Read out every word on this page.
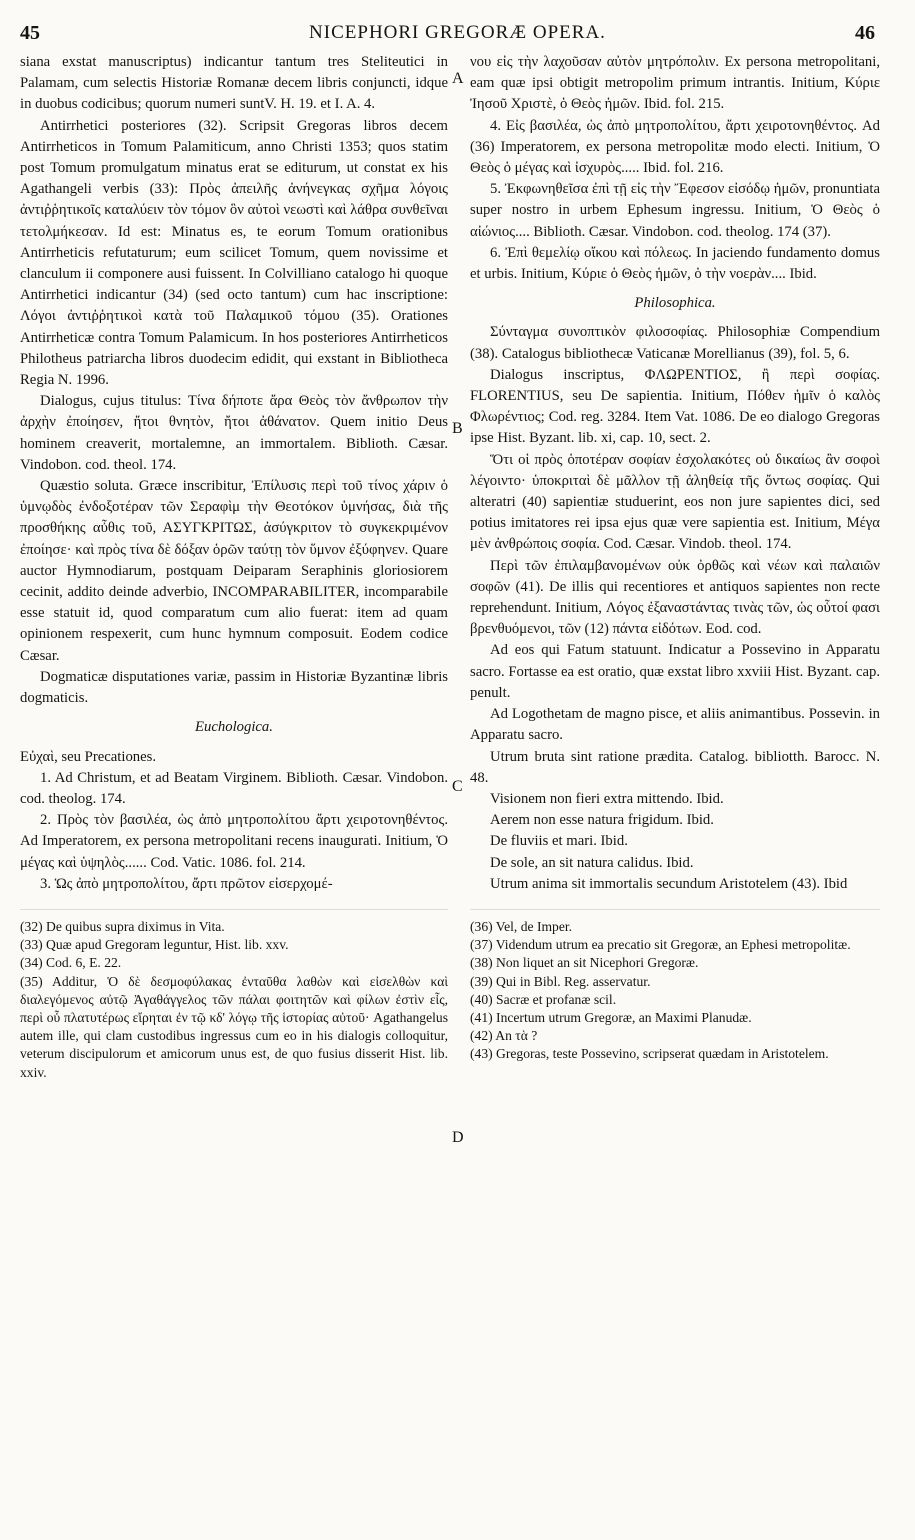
45	NICEPHORI GREGORÆ OPERA.	46
A
B
C
D

siana exstat manuscriptus) indicantur tantum tres Steliteutici in Palamam, cum selectis Historiæ Romanæ decem libris conjuncti, idque in duobus codicibus; quorum numeri suntV. H. 19. et I. A. 4.

Antirrhetici posteriores (32). Scripsit Gregoras libros decem Antirrheticos in Tomum Palamiticum, anno Christi 1353; quos statim post Tomum promulgatum minatus erat se editurum, ut constat ex his Agathangeli verbis (33): Πρὸς ἀπειλῆς ἀνήνεγκας σχῆμα λόγοις ἀντιῤῥητικοῖς καταλύειν τὸν τόμον ὃν αὐτοὶ νεωστὶ καὶ λάθρα συνθεῖναι τετολμήκεσαν. Id est: Minatus es, te eorum Tomum orationibus Antirrheticis refutaturum; eum scilicet Tomum, quem novissime et clanculum ii componere ausi fuissent. In Colvilliano catalogo hi quoque Antirrhetici indicantur (34) (sed octo tantum) cum hac inscriptione: Λόγοι ἀντιῤῥητικοὶ κατὰ τοῦ Παλαμικοῦ τόμου (35). Orationes Antirrheticæ contra Tomum Palamicum. In hos posteriores Antirrheticos Philotheus patriarcha libros duodecim edidit, qui exstant in Bibliotheca Regia N. 1996.

Dialogus, cujus titulus: Τίνα δήποτε ἄρα Θεὸς τὸν ἄνθρωπον τὴν ἀρχὴν ἐποίησεν, ἤτοι θνητὸν, ἤτοι ἀθάνατον. Quem initio Deus hominem creaverit, mortalemne, an immortalem. Biblioth. Cæsar. Vindobon. cod. theol. 174.

Quæstio soluta. Græce inscribitur, Ἐπίλυσις περὶ τοῦ τίνος χάριν ὁ ὑμνῳδὸς ἐνδοξοτέραν τῶν Σεραφὶμ τὴν Θεοτόκον ὑμνήσας, διὰ τῆς προσθήκης αὖθις τοῦ, ΑΣΥΓΚΡΙΤΩΣ, ἀσύγκριτον τὸ συγκεκριμένον ἐποίησε· καὶ πρὸς τίνα δὲ δόξαν ὁρῶν ταύτῃ τὸν ὕμνον ἐξύφηνεν. Quare auctor Hymnodiarum, postquam Deiparam Seraphinis gloriosiorem cecinit, addito deinde adverbio, INCOMPARABILITER, incomparabile esse statuit id, quod comparatum cum alio fuerat: item ad quam opinionem respexerit, cum hunc hymnum composuit. Eodem codice Cæsar.

Dogmaticæ disputationes variæ, passim in Historiæ Byzantinæ libris dogmaticis.

Euchologica.

Εὐχαὶ, seu Precationes.

1. Ad Christum, et ad Beatam Virginem. Biblioth. Cæsar. Vindobon. cod. theolog. 174.

2. Πρὸς τὸν βασιλέα, ὡς ἀπὸ μητροπολίτου ἄρτι χειροτονηθέντος. Ad Imperatorem, ex persona metropolitani recens inaugurati. Initium, Ὁ μέγας καὶ ὑψηλὸς...... Cod. Vatic. 1086. fol. 214.

3. Ὡς ἀπὸ μητροπολίτου, ἄρτι πρῶτον εἰσερχομέ-

(32) De quibus supra diximus in Vita.

(33) Quæ apud Gregoram leguntur, Hist. lib. xxv.

(34) Cod. 6, E. 22.

(35) Additur, Ὁ δὲ δεσμοφύλακας ἐνταῦθα λαθὼν καὶ εἰσελθὼν καὶ διαλεγόμενος αὐτῷ Ἀγαθάγγελος τῶν πάλαι φοιτητῶν καὶ φίλων ἐστὶν εἷς, περὶ οὗ πλατυτέρως εἴρηται ἐν τῷ κδ' λόγῳ τῆς ἱστορίας αὐτοῦ· Agathangelus autem ille, qui clam custodibus ingressus cum eo in his dialogis colloquitur, veterum discipulorum et amicorum unus est, de quo fusius disserit Hist. lib. xxiv.

νου εἰς τὴν λαχοῦσαν αὐτὸν μητρόπολιν. Ex persona metropolitani, eam quæ ipsi obtigit metropolim primum intrantis. Initium, Κύριε Ἰησοῦ Χριστὲ, ὁ Θεὸς ἡμῶν. Ibid. fol. 215.

4. Εἰς βασιλέα, ὡς ἀπὸ μητροπολίτου, ἄρτι χειροτονηθέντος. Ad (36) Imperatorem, ex persona metropolitæ modo electi. Initium, Ὁ Θεὸς ὁ μέγας καὶ ἰσχυρὸς..... Ibid. fol. 216.

5. Ἐκφωνηθεῖσα ἐπὶ τῇ εἰς τὴν Ἔφεσον εἰσόδῳ ἡμῶν, pronuntiata super nostro in urbem Ephesum ingressu. Initium, Ὁ Θεὸς ὁ αἰώνιος.... Biblioth. Cæsar. Vindobon. cod. theolog. 174 (37).

6. Ἐπὶ θεμελίῳ οἴκου καὶ πόλεως. In jaciendo fundamento domus et urbis. Initium, Κύριε ὁ Θεὸς ἡμῶν, ὁ τὴν νοερὰν.... Ibid.

Philosophica.

Σύνταγμα συνοπτικὸν φιλοσοφίας. Philosophiæ Compendium (38). Catalogus bibliothecæ Vaticanæ Morellianus (39), fol. 5, 6.

Dialogus inscriptus, ΦΛΩΡΕΝΤΙΟΣ, ἢ περὶ σοφίας. FLORENTIUS, seu De sapientia. Initium, Πόθεν ἡμῖν ὁ καλὸς Φλωρέντιος; Cod. reg. 3284. Item Vat. 1086. De eo dialogo Gregoras ipse Hist. Byzant. lib. xi, cap. 10, sect. 2.

Ὅτι οἱ πρὸς ὁποτέραν σοφίαν ἐσχολακότες οὐ δικαίως ἂν σοφοὶ λέγοιντο· ὑποκριταὶ δὲ μᾶλλον τῇ ἀληθείᾳ τῆς ὄντως σοφίας. Qui alteratri (40) sapientiæ studuerint, eos non jure sapientes dici, sed potius imitatores rei ipsa ejus quæ vere sapientia est. Initium, Μέγα μὲν ἀνθρώποις σοφία. Cod. Cæsar. Vindob. theol. 174.

Περὶ τῶν ἐπιλαμβανομένων οὐκ ὀρθῶς καὶ νέων καὶ παλαιῶν σοφῶν (41). De illis qui recentiores et antiquos sapientes non recte reprehendunt. Initium, Λόγος ἐξαναστάντας τινὰς τῶν, ὡς οὗτοί φασι βρενθυόμενοι, τῶν (12) πάντα εἰδότων. Eod. cod.

Ad eos qui Fatum statuunt. Indicatur a Possevino in Apparatu sacro. Fortasse ea est oratio, quæ exstat libro xxviii Hist. Byzant. cap. penult.

Ad Logothetam de magno pisce, et aliis animantibus. Possevin. in Apparatu sacro.

Utrum bruta sint ratione prædita. Catalog. bibliotth. Barocc. N. 48.

Visionem non fieri extra mittendo. Ibid.

Aerem non esse natura frigidum. Ibid.

De fluviis et mari. Ibid.

De sole, an sit natura calidus. Ibid.

Utrum anima sit immortalis secundum Aristotelem (43). Ibid

(36) Vel, de Imper.

(37) Videndum utrum ea precatio sit Gregoræ, an Ephesi metropolitæ.

(38) Non liquet an sit Nicephori Gregoræ.

(39) Qui in Bibl. Reg. asservatur.

(40) Sacræ et profanæ scil.

(41) Incertum utrum Gregoræ, an Maximi Planudæ.

(42) An τὰ ?

(43) Gregoras, teste Possevino, scripserat quædam in Aristotelem.
